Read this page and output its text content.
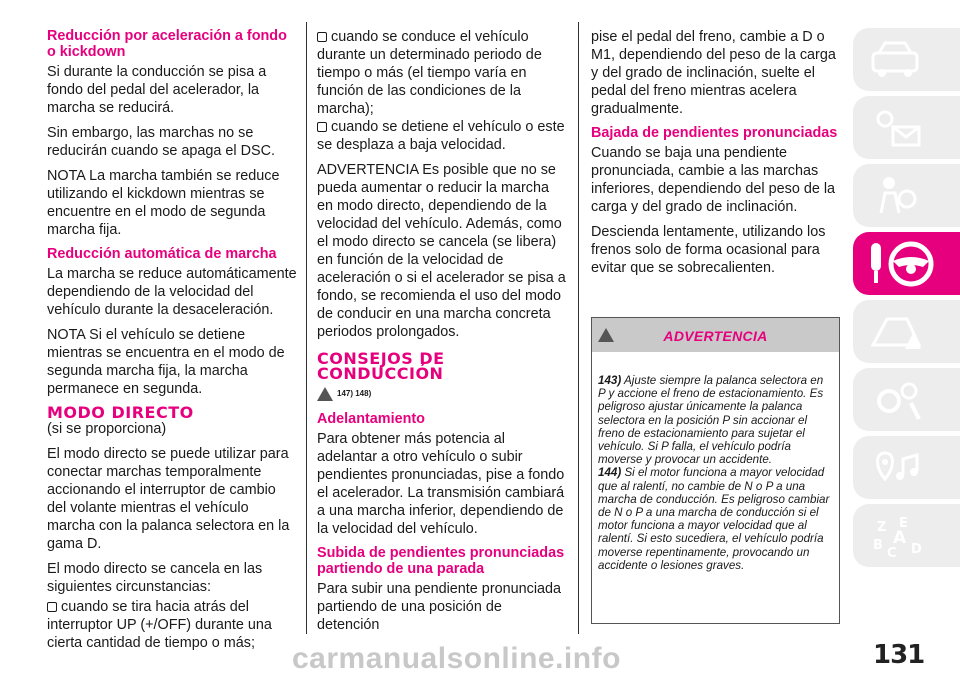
Reducción por aceleración a fondo o kickdown

Si durante la conducción se pisa a fondo del pedal del acelerador, la marcha se reducirá.

Sin embargo, las marchas no se reducirán cuando se apaga el DSC.

NOTA La marcha también se reduce utilizando el kickdown mientras se encuentre en el modo de segunda marcha fija.

Reducción automática de marcha

La marcha se reduce automáticamente dependiendo de la velocidad del vehículo durante la desaceleración.

NOTA Si el vehículo se detiene mientras se encuentra en el modo de segunda marcha fija, la marcha permanece en segunda.

MODO DIRECTO
(si se proporciona)

El modo directo se puede utilizar para conectar marchas temporalmente accionando el interruptor de cambio del volante mientras el vehículo marcha con la palanca selectora en la gama D.

El modo directo se cancela en las siguientes circunstancias:

cuando se tira hacia atrás del interruptor UP (+/OFF) durante una cierta cantidad de tiempo o más;
cuando se conduce el vehículo durante un determinado periodo de tiempo o más (el tiempo varía en función de las condiciones de la marcha);
cuando se detiene el vehículo o este se desplaza a baja velocidad.

ADVERTENCIA Es posible que no se pueda aumentar o reducir la marcha en modo directo, dependiendo de la velocidad del vehículo. Además, como el modo directo se cancela (se libera) en función de la velocidad de aceleración o si el acelerador se pisa a fondo, se recomienda el uso del modo de conducir en una marcha concreta periodos prolongados.

CONSEJOS DE CONDUCCIÓN
147) 148)
Adelantamiento

Para obtener más potencia al adelantar a otro vehículo o subir pendientes pronunciadas, pise a fondo el acelerador. La transmisión cambiará a una marcha inferior, dependiendo de la velocidad del vehículo.

Subida de pendientes pronunciadas partiendo de una parada

Para subir una pendiente pronunciada partiendo de una posición de detención

pise el pedal del freno, cambie a D o M1, dependiendo del peso de la carga y del grado de inclinación, suelte el pedal del freno mientras acelera gradualmente.

Bajada de pendientes pronunciadas

Cuando se baja una pendiente pronunciada, cambie a las marchas inferiores, dependiendo del peso de la carga y del grado de inclinación.

Descienda lentamente, utilizando los frenos solo de forma ocasional para evitar que se sobrecalienten.

ADVERTENCIA

143) Ajuste siempre la palanca selectora en P y accione el freno de estacionamiento. Es peligroso ajustar únicamente la palanca selectora en la posición P sin accionar el freno de estacionamiento para sujetar el vehículo. Si P falla, el vehículo podría moverse y provocar un accidente.

144) Si el motor funciona a mayor velocidad que al ralentí, no cambie de N o P a una marcha de conducción. Es peligroso cambiar de N o P a una marcha de conducción si el motor funciona a mayor velocidad que al ralentí. Si esto sucediera, el vehículo podría moverse repentinamente, provocando un accidente o lesiones graves.

Z E
B A
C D
carmanualsonline.info	131
